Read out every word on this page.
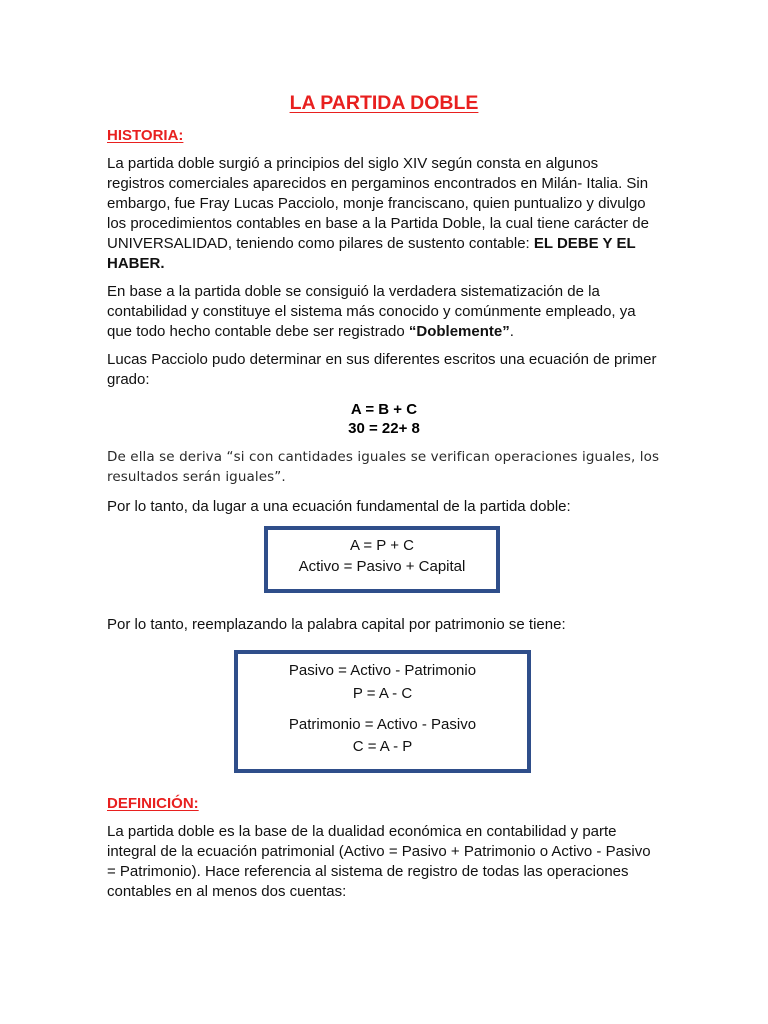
LA PARTIDA DOBLE
HISTORIA:
La partida doble surgió a principios del siglo XIV según consta en algunos
registros comerciales aparecidos en pergaminos encontrados en Milán- Italia. Sin
embargo, fue Fray Lucas Pacciolo, monje franciscano, quien puntualizo y divulgo
los procedimientos contables en base a la Partida Doble, la cual tiene carácter de
UNIVERSALIDAD, teniendo como pilares de sustento contable: EL DEBE Y EL
HABER.
En base a la partida doble se consiguió la verdadera sistematización de la
contabilidad y constituye el sistema más conocido y comúnmente empleado, ya
que todo hecho contable debe ser registrado “Doblemente”.
Lucas Pacciolo pudo determinar en sus diferentes escritos una ecuación de primer
grado:
A = B + C
30 = 22+ 8
De ella se deriva “si con cantidades iguales se verifican operaciones iguales, los
resultados serán iguales”.
Por lo tanto, da lugar a una ecuación fundamental de la partida doble:
A = P + C
Activo = Pasivo + Capital
Por lo tanto, reemplazando la palabra capital por patrimonio se tiene:
Pasivo = Activo - Patrimonio
P = A - C
Patrimonio = Activo - Pasivo
C = A - P
DEFINICIÓN:
La partida doble es la base de la dualidad económica en contabilidad y parte
integral de la ecuación patrimonial (Activo = Pasivo + Patrimonio o Activo - Pasivo
= Patrimonio). Hace referencia al sistema de registro de todas las operaciones
contables en al menos dos cuentas:
